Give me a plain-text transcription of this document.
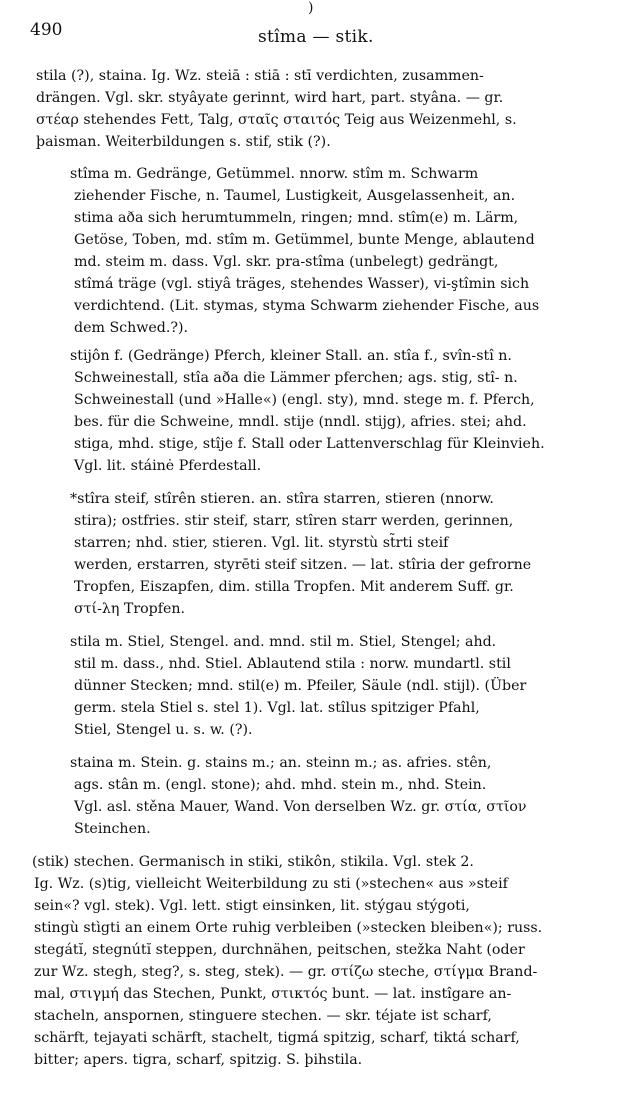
)
490	stîma — stik.
stila (?), staina. Ig. Wz. steiā : stiā : stī verdichten, zusammen-
drängen. Vgl. skr. styâyate gerinnt, wird hart, part. styâna. — gr.
στέαρ stehendes Fett, Talg, σταῖς σταιτός Teig aus Weizenmehl, s.
þaisman. Weiterbildungen s. stif, stik (?).
stîma m. Gedränge, Getümmel. nnorw. stîm m. Schwarm
ziehender Fische, n. Taumel, Lustigkeit, Ausgelassenheit, an.
stima aða sich herumtummeln, ringen; mnd. stîm(e) m. Lärm,
Getöse, Toben, md. stîm m. Getümmel, bunte Menge, ablautend
md. steim m. dass. Vgl. skr. pra-stîma (unbelegt) gedrängt,
stîmá träge (vgl. stiyâ träges, stehendes Wasser), vi-ştîmin sich
verdichtend. (Lit. stymas, styma Schwarm ziehender Fische, aus
dem Schwed.?).
stijôn f. (Gedränge) Pferch, kleiner Stall. an. stîa f., svîn-stî n.
Schweinestall, stîa aða die Lämmer pferchen; ags. stig, stî- n.
Schweinestall (und »Halle«) (engl. sty), mnd. stege m. f. Pferch,
bes. für die Schweine, mndl. stije (nndl. stijg), afries. stei; ahd.
stiga, mhd. stige, stîje f. Stall oder Lattenverschlag für Kleinvieh.
Vgl. lit. stáinė Pferdestall.
*stîra steif, stîrên stieren. an. stîra starren, stieren (nnorw.
stira); ostfries. stir steif, starr, stîren starr werden, gerinnen,
starren; nhd. stier, stieren. Vgl. lit. styrstù st̃rti steif
werden, erstarren, styrēti steif sitzen. — lat. stîria der gefrorne
Tropfen, Eiszapfen, dim. stilla Tropfen. Mit anderem Suff. gr.
στί-λη Tropfen.
stila m. Stiel, Stengel. and. mnd. stil m. Stiel, Stengel; ahd.
stil m. dass., nhd. Stiel. Ablautend stila : norw. mundartl. stil
dünner Stecken; mnd. stil(e) m. Pfeiler, Säule (ndl. stijl). (Über
germ. stela Stiel s. stel 1). Vgl. lat. stîlus spitziger Pfahl,
Stiel, Stengel u. s. w. (?).
staina m. Stein. g. stains m.; an. steinn m.; as. afries. stên,
ags. stân m. (engl. stone); ahd. mhd. stein m., nhd. Stein.
Vgl. asl. stěna Mauer, Wand. Von derselben Wz. gr. στία, στῖον
Steinchen.
(stik) stechen. Germanisch in stiki, stikôn, stikila. Vgl. stek 2.
Ig. Wz. (s)tig, vielleicht Weiterbildung zu sti (»stechen« aus »steif
sein«? vgl. stek). Vgl. lett. stigt einsinken, lit. stýgau stýgoti,
stingù stìgti an einem Orte ruhig verbleiben (»stecken bleiben«); russ.
stegátĭ, stegnútĭ steppen, durchnähen, peitschen, stežka Naht (oder
zur Wz. stegh, steg?, s. steg, stek). — gr. στίζω steche, στίγμα Brand-
mal, στιγμή das Stechen, Punkt, στικτός bunt. — lat. instîgare an-
stacheln, anspornen, stinguere stechen. — skr. téjate ist scharf,
schärft, tejayati schärft, stachelt, tigmá spitzig, scharf, tiktá scharf,
bitter; apers. tigra, scharf, spitzig. S. þihstila.
